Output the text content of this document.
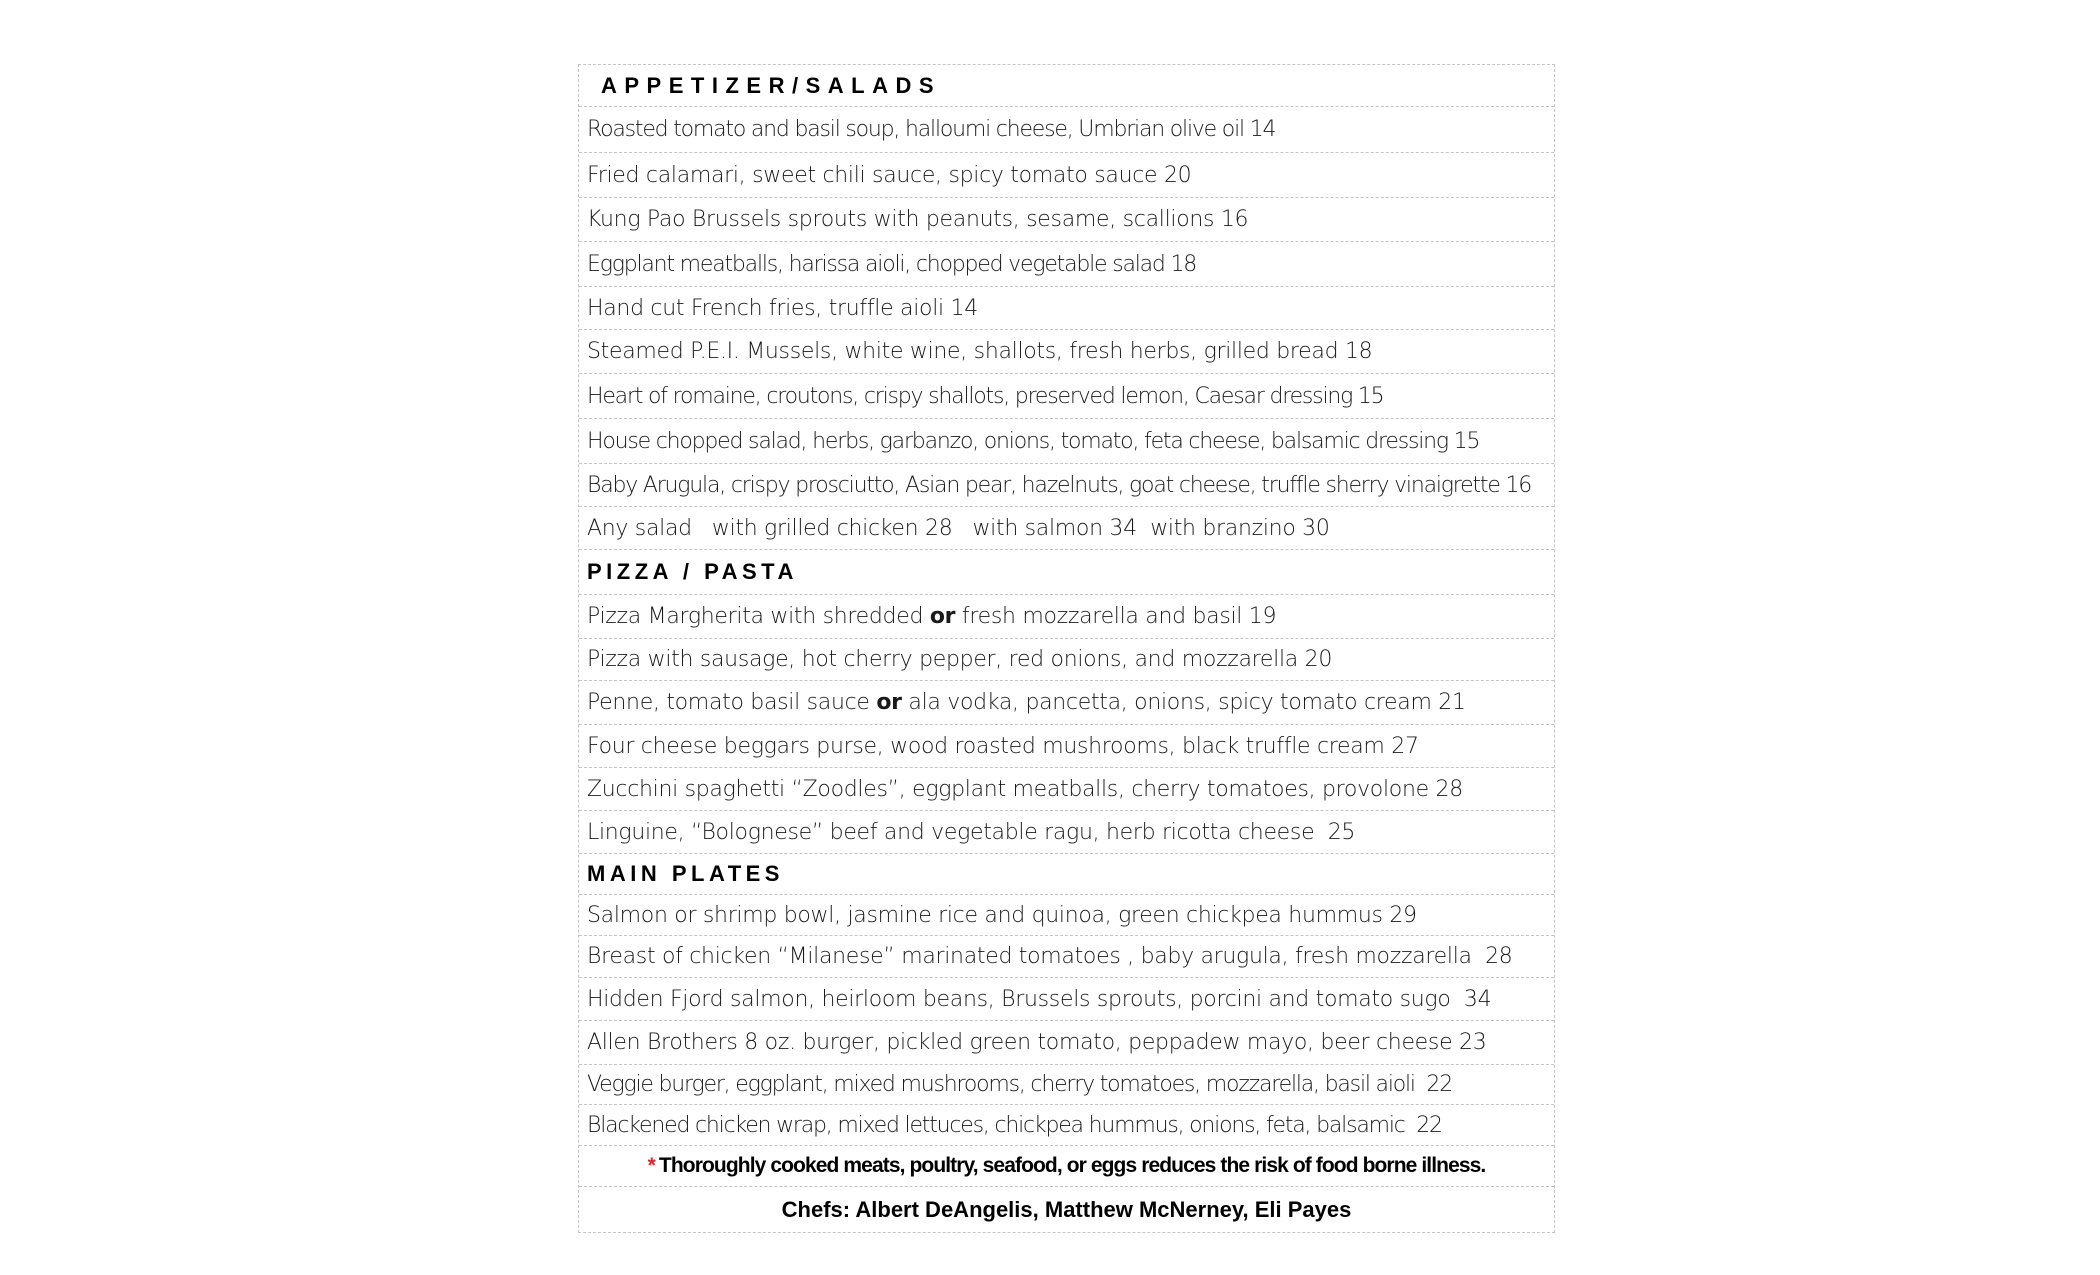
APPETIZER/SALADS
Roasted tomato and basil soup, halloumi cheese, Umbrian olive oil 14
Fried calamari, sweet chili sauce, spicy tomato sauce 20
Kung Pao Brussels sprouts with peanuts, sesame, scallions 16
Eggplant meatballs, harissa aioli, chopped vegetable salad 18
Hand cut French fries, truffle aioli 14
Steamed P.E.I. Mussels, white wine, shallots, fresh herbs, grilled bread 18
Heart of romaine, croutons, crispy shallots, preserved lemon, Caesar dressing 15
House chopped salad, herbs, garbanzo, onions, tomato, feta cheese, balsamic dressing 15
Baby Arugula, crispy prosciutto, Asian pear, hazelnuts, goat cheese, truffle sherry vinaigrette 16
Any salad   with grilled chicken 28   with salmon 34  with branzino 30
PIZZA / PASTA
Pizza Margherita with shredded or fresh mozzarella and basil 19
Pizza with sausage, hot cherry pepper, red onions, and mozzarella 20
Penne, tomato basil sauce or ala vodka, pancetta, onions, spicy tomato cream 21
Four cheese beggars purse, wood roasted mushrooms, black truffle cream 27
Zucchini spaghetti “Zoodles”, eggplant meatballs, cherry tomatoes, provolone 28
Linguine, “Bolognese” beef and vegetable ragu, herb ricotta cheese  25
MAIN PLATES
Salmon or shrimp bowl, jasmine rice and quinoa, green chickpea hummus 29
Breast of chicken “Milanese” marinated tomatoes , baby arugula, fresh mozzarella  28
Hidden Fjord salmon, heirloom beans, Brussels sprouts, porcini and tomato sugo  34
Allen Brothers 8 oz. burger, pickled green tomato, peppadew mayo, beer cheese 23
Veggie burger, eggplant, mixed mushrooms, cherry tomatoes, mozzarella, basil aioli  22
Blackened chicken wrap, mixed lettuces, chickpea hummus, onions, feta, balsamic  22
* Thoroughly cooked meats, poultry, seafood, or eggs reduces the risk of food borne illness.
Chefs: Albert DeAngelis, Matthew McNerney, Eli Payes
